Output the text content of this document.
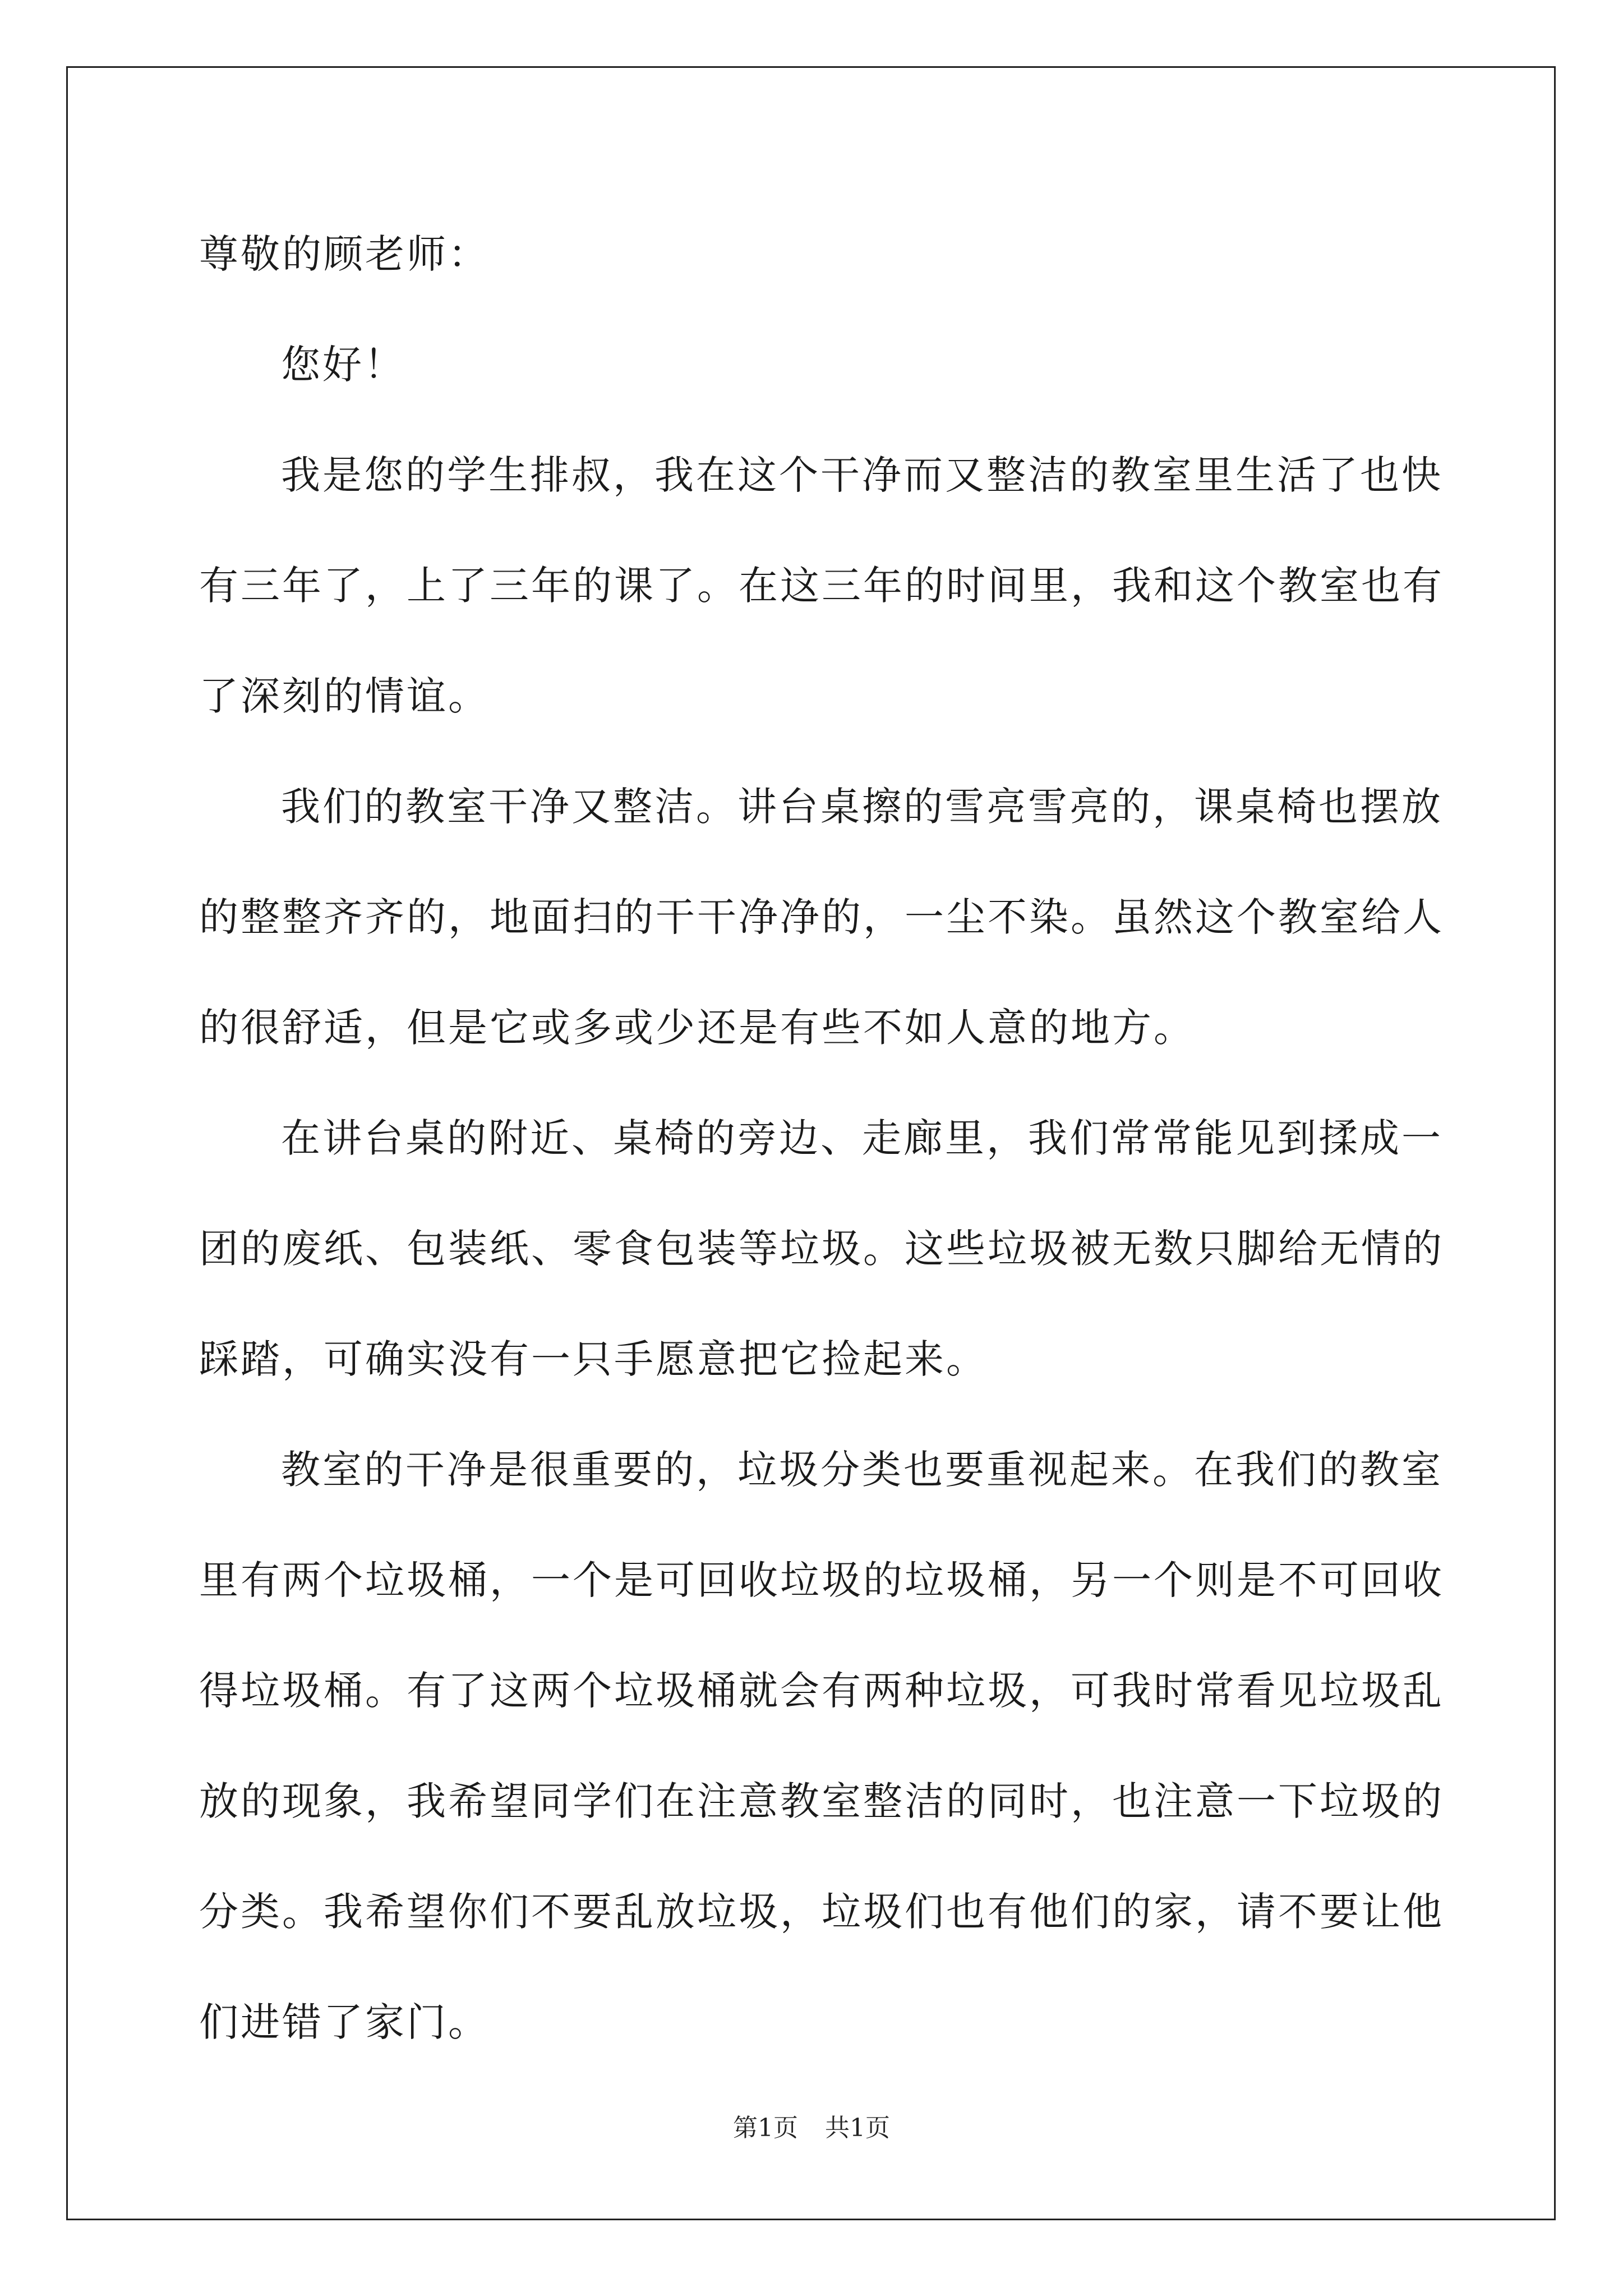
尊敬的顾老师：
您好！
我是您的学生排叔，我在这个干净而又整洁的教室里生活了也快
有三年了，上了三年的课了。在这三年的时间里，我和这个教室也有
了深刻的情谊。
我们的教室干净又整洁。讲台桌擦的雪亮雪亮的，课桌椅也摆放
的整整齐齐的，地面扫的干干净净的，一尘不染。虽然这个教室给人
的很舒适，但是它或多或少还是有些不如人意的地方。
在讲台桌的附近、桌椅的旁边、走廊里，我们常常能见到揉成一
团的废纸、包装纸、零食包装等垃圾。这些垃圾被无数只脚给无情的
踩踏，可确实没有一只手愿意把它捡起来。
教室的干净是很重要的，垃圾分类也要重视起来。在我们的教室
里有两个垃圾桶，一个是可回收垃圾的垃圾桶，另一个则是不可回收
得垃圾桶。有了这两个垃圾桶就会有两种垃圾，可我时常看见垃圾乱
放的现象，我希望同学们在注意教室整洁的同时，也注意一下垃圾的
分类。我希望你们不要乱放垃圾，垃圾们也有他们的家，请不要让他
们进错了家门。
第1页 共1页
